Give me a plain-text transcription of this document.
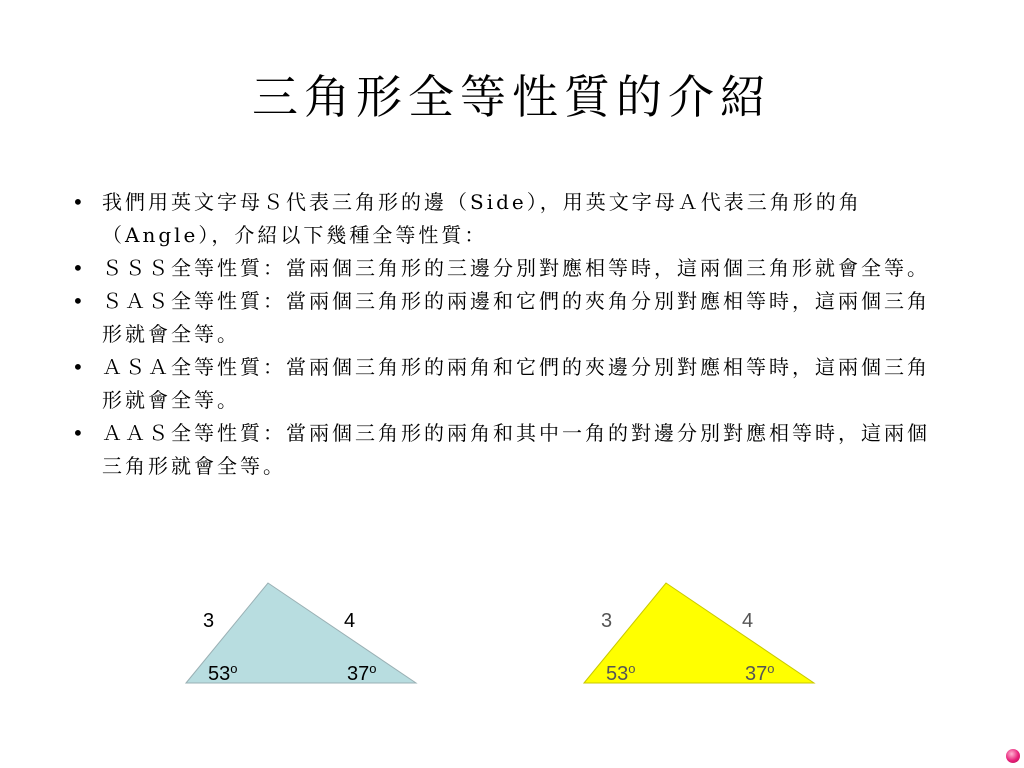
三角形全等性質的介紹
• 我們用英文字母Ｓ代表三角形的邊（Side），用英文字母Ａ代表三角形的角（Angle），介紹以下幾種全等性質：
• ＳＳＳ全等性質：當兩個三角形的三邊分別對應相等時，這兩個三角形就會全等。
• ＳＡＳ全等性質：當兩個三角形的兩邊和它們的夾角分別對應相等時，這兩個三角形就會全等。
• ＡＳＡ全等性質：當兩個三角形的兩角和它們的夾邊分別對應相等時，這兩個三角形就會全等。
• ＡＡＳ全等性質：當兩個三角形的兩角和其中一角的對邊分別對應相等時，這兩個三角形就會全等。
3	4
53$^o$	37$^o$
3	4
53$^o$	37$^o$
